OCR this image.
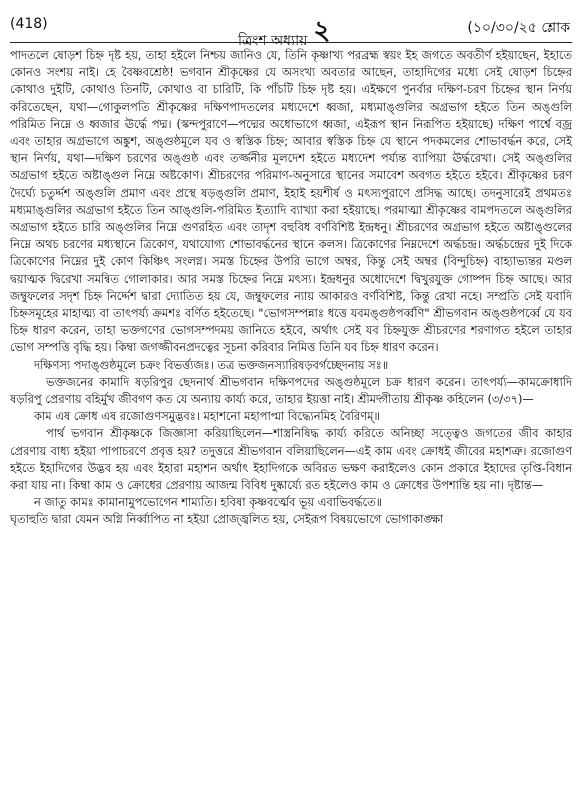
(418)
ত্রিংশ অধ্যায় ২	(১০/৩০/২৫ শ্লোক

পাদতলে ষোড়শ চিহ্ন দৃষ্ট হয়, তাহা হইলে নিশ্চয় জানিও যে, তিনি কৃষ্ণাখ্য পরব্রহ্ম স্বয়ং ইহ জগতে অবতীর্ণ হইয়াছেন, ইহাতে কোনও সংশয় নাই। হে বৈষ্ণবশ্রেষ্ঠ! ভগবান শ্রীকৃষ্ণের যে অসংখ্য অবতার আছেন, তাহাদিগের মধ্যে সেই ষোড়শ চিহ্নের কোথাও দুইটি, কোথাও তিনটি, কোথাও বা চারিটি, কি পাঁচটি চিহ্ন দৃষ্ট হয়। এইক্ষণে পুনর্বার দক্ষিণ-চরণ চিহ্নের স্থান নির্ণয় করিতেছেন, যথা—গোকুলপতি শ্রীকৃষ্ণের দক্ষিণপাদতলের মধ্যদেশে ধ্বজা, মধ্যমাঙ্গুলির অগ্রভাগ হইতে তিন অঙ্গুলি পরিমিত নিম্নে ও ধ্বজার ঊর্দ্ধে পদ্ম। (স্কন্দপুরাণে—পদ্মের অধোভাগে ধ্বজা, এইরূপ স্থান নিরূপিত হইয়াছে) দক্ষিণ পার্শ্বে বজ্র এবং তাহার অগ্রভাগে অঙ্কুশ, অঙ্গুষ্ঠমূলে যব ও স্বস্তিক চিহ্ন; আবার স্বস্তিক চিহ্ন যে স্থানে পদকমলের শোভাবর্দ্ধন করে, সেই স্থান নির্ণয়, যথা—দক্ষিণ চরণের অঙ্গুষ্ঠ এবং তর্জ্জনীর মূলদেশ হইতে মধ্যদেশ পর্য্যন্ত ব্যাপিয়া ঊর্দ্ধরেখা। সেই অঙ্গুলির অগ্রভাগ হইতে অষ্টাঙ্গুল নিম্নে অষ্টকোণ। শ্রীচরণের পরিমাণ-অনুসারে স্থানের সমাবেশ অবগত হইতে হইবে। শ্রীকৃষ্ণের চরণ দৈর্ঘ্যে চতুর্দ্দশ অঙ্গুলি প্রমাণ এবং প্রস্থে ষড়ঙ্গুলি প্রমাণ, ইহাই হয়শীর্ষ ও মৎস্যপুরাণে প্রসিদ্ধ আছে। তদনুসারেই প্রথমতঃ মধ্যমাঙ্গুলির অগ্রভাগ হইতে তিন আঙ্গুলি-পরিমিত ইত্যাদি ব্যাখ্যা করা হইয়াছে। পরমাত্মা শ্রীকৃষ্ণের বামপদতলে অঙ্গুলির অগ্রভাগ হইতে চারি অঙ্গুলির নিম্নে গুণরহিত এবং তাদৃশ বহুবিধ বর্ণবিশিষ্ট ইন্দ্রধনু। শ্রীচরণের অগ্রভাগ হইতে অষ্টাঙ্গুলের নিম্নে অথচ চরণের মধ্যস্থানে ত্রিকোণ, যথাযোগ্য শোভাবর্দ্ধনের স্থানে কলস। ত্রিকোণের নিম্নদেশে অর্দ্ধচন্দ্র। অর্দ্ধচন্দ্রের দুই দিকে ত্রিকোণের নিম্নের দুই কোণ কিঞ্চিৎ সংলগ্ন। সমস্ত চিহ্নের উপরি ভাগে অম্বর, কিন্তু সেই অম্বর (বিন্দুচিহ্ন) বাহ্যাভ্যন্তর মণ্ডল দ্বয়াত্মক দ্বিরেখা সমন্বিত গোলাকার। আর সমস্ত চিহ্নের নিম্নে মৎস্য। ইন্দ্রধনুর অধোদেশে দ্বিখুরযুক্ত গোষ্পদ চিহ্ন আছে। আর জম্বুফলের সদৃশ চিহ্ন নির্দ্দেশ দ্বারা দ্যোতিত হয় যে, জম্বুফলের ন্যায় আকারও বর্ণবিশিষ্ট, কিন্তু রেখা নহে। সম্প্রতি সেই যবাদি চিহ্নসমূহের মাহাত্ম্য বা তাৎপর্য্য ক্রমশঃ বর্ণিত হইতেছে। "ভোগসম্পন্নাঃ ধত্তে যবমঙ্গুষ্ঠপর্ব্বণি" শ্রীভগবান অঙ্গুষ্ঠপর্ব্বে যে যব চিহ্ন ধারণ করেন, তাহা ভক্তগণের ভোগসম্পদময় জানিতে হইবে, অর্থাৎ সেই যব চিহ্নযুক্ত শ্রীচরণের শরণাগত হইলে তাহার ভোগ সম্পত্তি বৃদ্ধি হয়। কিম্বা জগজ্জীবনপ্রদত্বের সূচনা করিবার নিমিত্ত তিনি যব চিহ্ন ধারণ করেন।

দক্ষিণস্য পদাঙ্গুষ্ঠমূলে চক্রং বিভর্ত্ত্যজঃ। তত্র ভক্তজনস্যারিষড়বর্গচ্ছেদনায় সঃ॥

ভক্তজনের কামাদি ষড়রিপুর ছেদনার্থ শ্রীভগবান দক্ষিণপদের অঙ্গুষ্ঠমূলে চক্র ধারণ করেন। তাৎপর্য্য—কামক্রোধাদি ষড়রিপু প্রেরণায় বহির্মুখ জীবগণ কত যে অন্যায় কার্য্য করে, তাহার ইয়ত্তা নাই। শ্রীমদ্গীতায় শ্রীকৃষ্ণ কহিলেন (৩/৩৭)—

কাম এষ ক্রোধ এষ রজোগুণসমুদ্ভবঃ। মহাশনো মহাপাপ্মা বিদ্ধ্যেনমিহ বৈরিণম্॥

পার্থ ভগবান শ্রীকৃষ্ণকে জিজ্ঞাসা করিয়াছিলেন—শাস্ত্রনিষিদ্ধ কার্য্য করিতে অনিচ্ছা সত্ত্বেও জগতের জীব কাহার প্রেরণায় বাধ্য হইয়া পাপাচরণে প্রবৃত্ত হয়? তদুত্তরে শ্রীভগবান বলিয়াছিলেন—এই কাম এবং ক্রোধই জীবের মহাশত্রু। রজোগুণ হইতে ইহাদিগের উদ্ভব হয় এবং ইহারা মহাশন অর্থাৎ ইহাদিগকে অবিরত ভক্ষণ করাইলেও কোন প্রকারে ইহাদের তৃপ্তি-বিধান করা যায় না। কিম্বা কাম ও ক্রোধের প্রেরণায় আজন্ম বিবিধ দুষ্কার্য্যে রত হইলেও কাম ও ক্রোধের উপশান্তি হয় না। দৃষ্টান্ত—

ন জাতু কামঃ কামানামুপভোগেন শাম্যতি। হবিষা কৃষ্ণবর্ত্মেব ভূয় এবাভিবর্দ্ধতে॥

ঘৃতাহুতি দ্বারা যেমন অগ্নি নির্ব্বাপিত না হইয়া প্রোজ্জ্বলিত হয়, সেইরূপ বিষয়ভোগে ভোগাকাঙ্ক্ষা
